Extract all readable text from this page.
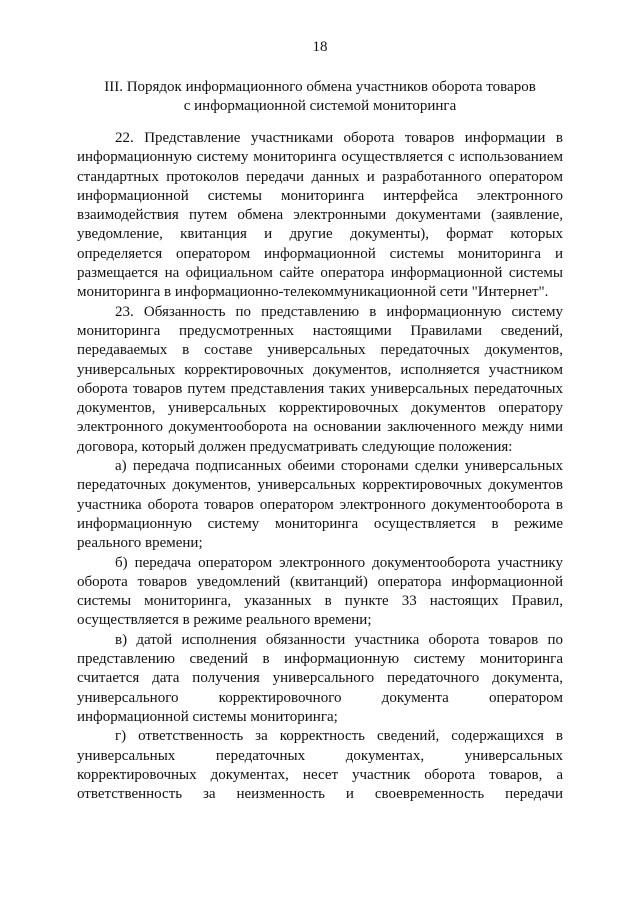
18
III. Порядок информационного обмена участников оборота товаров
с информационной системой мониторинга

22. Представление участниками оборота товаров информации в информационную систему мониторинга осуществляется с использованием стандартных протоколов передачи данных и разработанного оператором информационной системы мониторинга интерфейса электронного взаимодействия путем обмена электронными документами (заявление, уведомление, квитанция и другие документы), формат которых определяется оператором информационной системы мониторинга и размещается на официальном сайте оператора информационной системы мониторинга в информационно-телекоммуникационной сети "Интернет".

23. Обязанность по представлению в информационную систему мониторинга предусмотренных настоящими Правилами сведений, передаваемых в составе универсальных передаточных документов, универсальных корректировочных документов, исполняется участником оборота товаров путем представления таких универсальных передаточных документов, универсальных корректировочных документов оператору электронного документооборота на основании заключенного между ними договора, который должен предусматривать следующие положения:

а) передача подписанных обеими сторонами сделки универсальных передаточных документов, универсальных корректировочных документов участника оборота товаров оператором электронного документооборота в информационную систему мониторинга осуществляется в режиме реального времени;

б) передача оператором электронного документооборота участнику оборота товаров уведомлений (квитанций) оператора информационной системы мониторинга, указанных в пункте 33 настоящих Правил, осуществляется в режиме реального времени;

в) датой исполнения обязанности участника оборота товаров по представлению сведений в информационную систему мониторинга считается дата получения универсального передаточного документа, универсального корректировочного документа оператором информационной системы мониторинга;

г) ответственность за корректность сведений, содержащихся в универсальных передаточных документах, универсальных корректировочных документах, несет участник оборота товаров, а ответственность за неизменность и своевременность передачи
